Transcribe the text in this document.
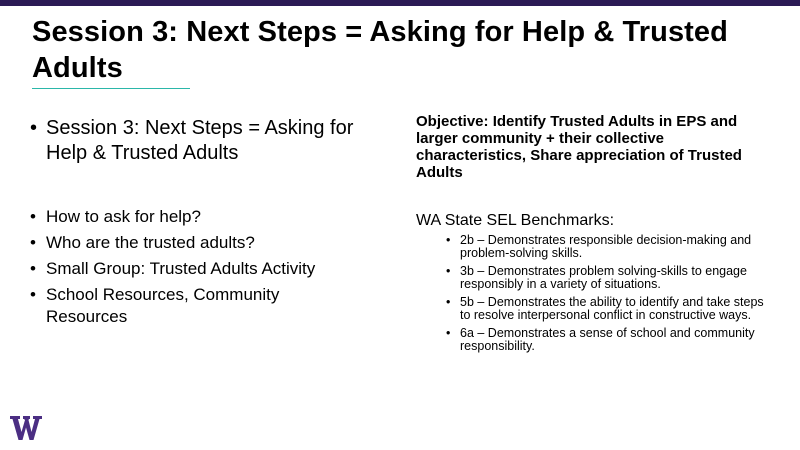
Session 3: Next Steps = Asking for Help & Trusted Adults
• Session 3: Next Steps = Asking for Help & Trusted Adults
• How to ask for help?
• Who are the trusted adults?
• Small Group: Trusted Adults Activity
• School Resources, Community Resources

Objective: Identify Trusted Adults in EPS and larger community + their collective characteristics, Share appreciation of Trusted Adults

WA State SEL Benchmarks:

• 2b – Demonstrates responsible decision-making and problem-solving skills.
• 3b – Demonstrates problem solving-skills to engage responsibly in a variety of situations.
• 5b – Demonstrates the ability to identify and take steps to resolve interpersonal conflict in constructive ways.
• 6a – Demonstrates a sense of school and community responsibility.
